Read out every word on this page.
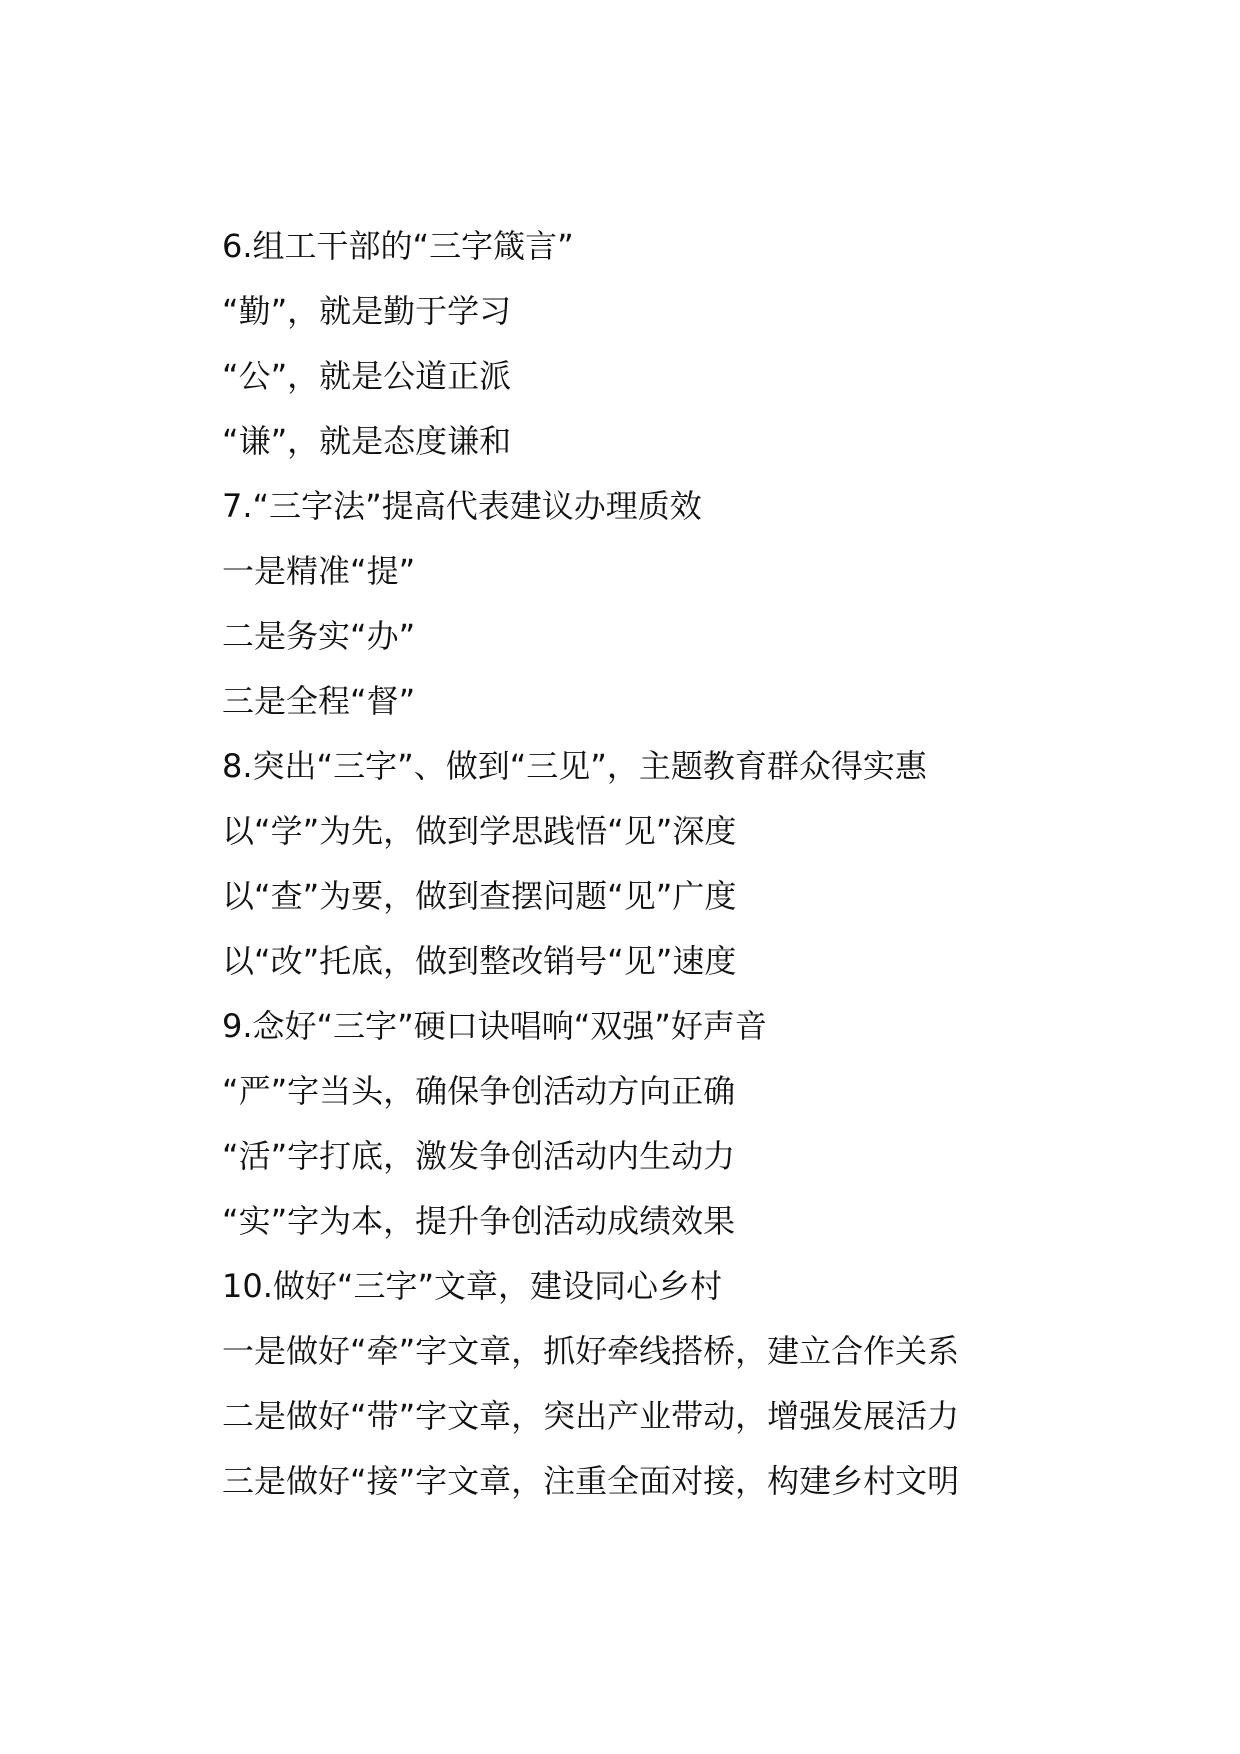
6.组工干部的“三字箴言”

“勤”，就是勤于学习

“公”，就是公道正派

“谦”，就是态度谦和

7.“三字法”提高代表建议办理质效

一是精准“提”

二是务实“办”

三是全程“督”

8.突出“三字”、做到“三见”，主题教育群众得实惠

以“学”为先，做到学思践悟“见”深度

以“查”为要，做到查摆问题“见”广度

以“改”托底，做到整改销号“见”速度

9.念好“三字”硬口诀唱响“双强”好声音

“严”字当头，确保争创活动方向正确

“活”字打底，激发争创活动内生动力

“实”字为本，提升争创活动成绩效果

10.做好“三字”文章，建设同心乡村

一是做好“牵”字文章，抓好牵线搭桥，建立合作关系

二是做好“带”字文章，突出产业带动，增强发展活力

三是做好“接”字文章，注重全面对接，构建乡村文明
